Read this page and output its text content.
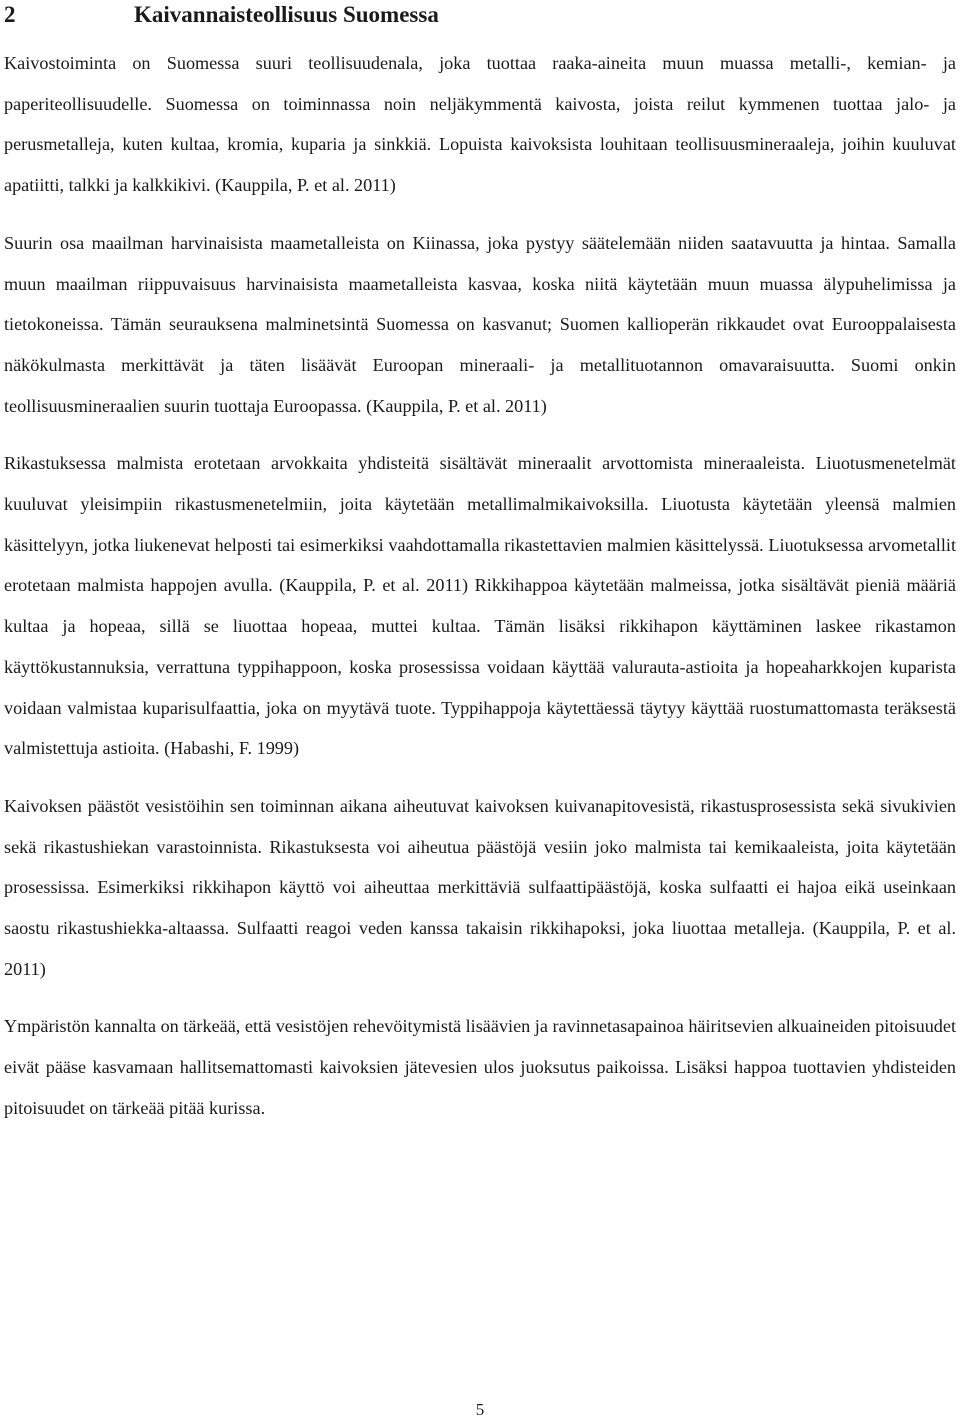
2	Kaivannaisteollisuus Suomessa

Kaivostoiminta on Suomessa suuri teollisuudenala, joka tuottaa raaka-aineita muun muassa metalli-, kemian- ja paperiteollisuudelle. Suomessa on toiminnassa noin neljäkymmentä kaivosta, joista reilut kymmenen tuottaa jalo- ja perusmetalleja, kuten kultaa, kromia, kuparia ja sinkkiä. Lopuista kaivoksista louhitaan teollisuusmineraaleja, joihin kuuluvat apatiitti, talkki ja kalkkikivi. (Kauppila, P. et al. 2011)

Suurin osa maailman harvinaisista maametalleista on Kiinassa, joka pystyy säätelemään niiden saatavuutta ja hintaa. Samalla muun maailman riippuvaisuus harvinaisista maametalleista kasvaa, koska niitä käytetään muun muassa älypuhelimissa ja tietokoneissa. Tämän seurauksena malminetsintä Suomessa on kasvanut; Suomen kallioperän rikkaudet ovat Eurooppalaisesta näkökulmasta merkittävät ja täten lisäävät Euroopan mineraali- ja metallituotannon omavaraisuutta. Suomi onkin teollisuusmineraalien suurin tuottaja Euroopassa. (Kauppila, P. et al. 2011)

Rikastuksessa malmista erotetaan arvokkaita yhdisteitä sisältävät mineraalit arvottomista mineraaleista. Liuotusmenetelmät kuuluvat yleisimpiin rikastusmenetelmiin, joita käytetään metallimalmikaivoksilla. Liuotusta käytetään yleensä malmien käsittelyyn, jotka liukenevat helposti tai esimerkiksi vaahdottamalla rikastettavien malmien käsittelyssä. Liuotuksessa arvometallit erotetaan malmista happojen avulla. (Kauppila, P. et al. 2011) Rikkihappoa käytetään malmeissa, jotka sisältävät pieniä määriä kultaa ja hopeaa, sillä se liuottaa hopeaa, muttei kultaa. Tämän lisäksi rikkihapon käyttäminen laskee rikastamon käyttökustannuksia, verrattuna typpihappoon, koska prosessissa voidaan käyttää valurauta-astioita ja hopeaharkkojen kuparista voidaan valmistaa kuparisulfaattia, joka on myytävä tuote. Typpihappoja käytettäessä täytyy käyttää ruostumattomasta teräksestä valmistettuja astioita. (Habashi, F. 1999)

Kaivoksen päästöt vesistöihin sen toiminnan aikana aiheutuvat kaivoksen kuivanapitovesistä, rikastusprosessista sekä sivukivien sekä rikastushiekan varastoinnista. Rikastuksesta voi aiheutua päästöjä vesiin joko malmista tai kemikaaleista, joita käytetään prosessissa. Esimerkiksi rikkihapon käyttö voi aiheuttaa merkittäviä sulfaattipäästöjä, koska sulfaatti ei hajoa eikä useinkaan saostu rikastushiekka-altaassa. Sulfaatti reagoi veden kanssa takaisin rikkihapoksi, joka liuottaa metalleja. (Kauppila, P. et al. 2011)

Ympäristön kannalta on tärkeää, että vesistöjen rehevöitymistä lisäävien ja ravinnetasapainoa häiritsevien alkuaineiden pitoisuudet eivät pääse kasvamaan hallitsemattomasti kaivoksien jätevesien ulos juoksutus paikoissa. Lisäksi happoa tuottavien yhdisteiden pitoisuudet on tärkeää pitää kurissa.

5
